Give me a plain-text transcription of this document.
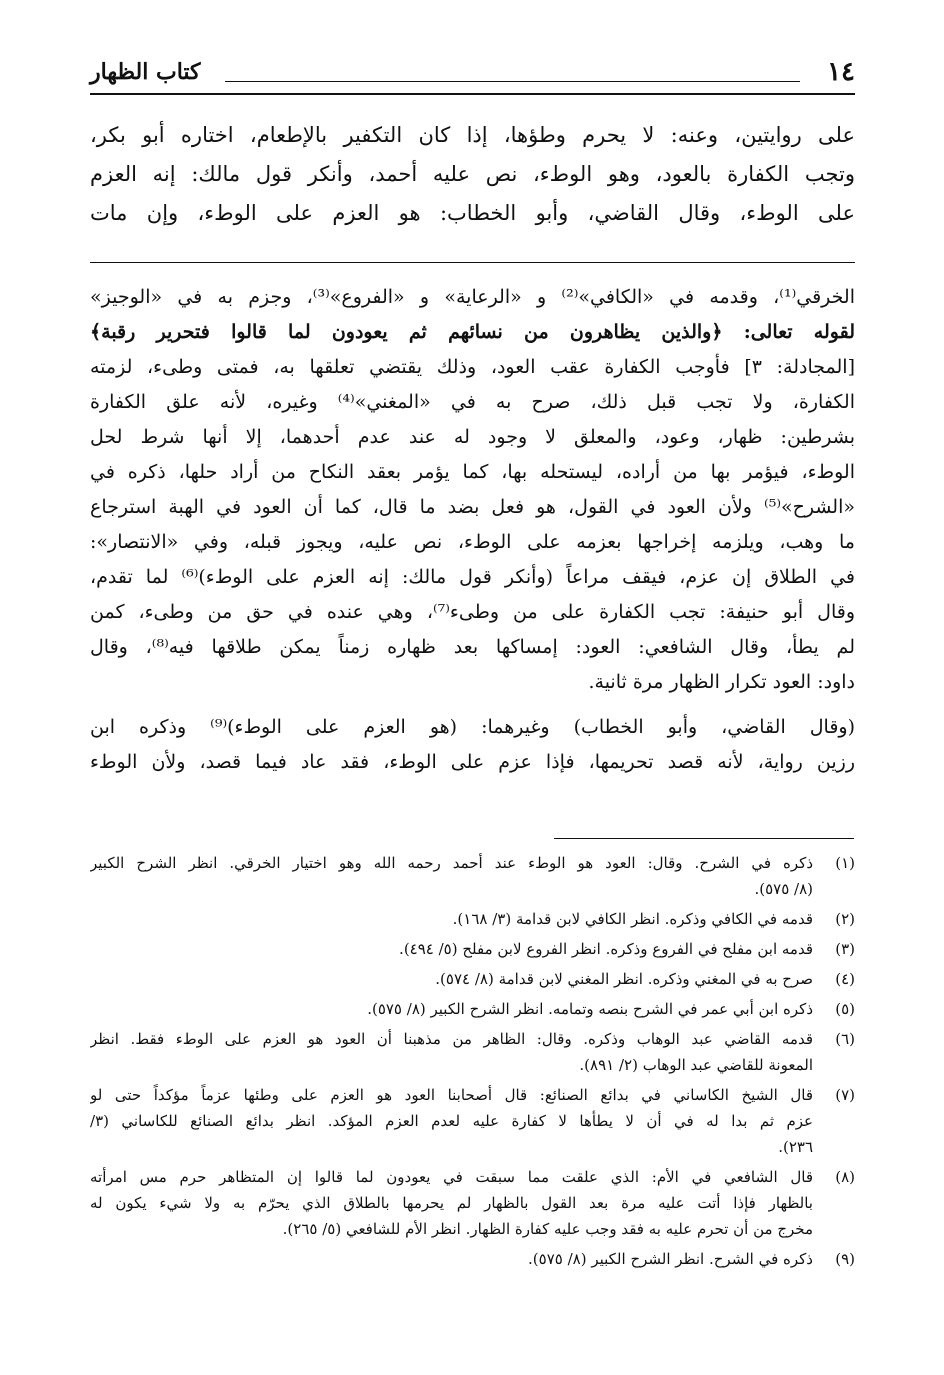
١٤
كتاب الظهار
على روايتين، وعنه: لا يحرم وطؤها، إذا كان التكفير بالإطعام، اختاره أبو بكر،
وتجب الكفارة بالعود، وهو الوطء، نص عليه أحمد، وأنكر قول مالك: إنه العزم
على الوطء، وقال القاضي، وأبو الخطاب: هو العزم على الوطء، وإن مات
الخرقي⁽¹⁾، وقدمه في «الكافي»⁽²⁾ و «الرعاية» و «الفروع»⁽³⁾، وجزم به في «الوجيز»
لقوله تعالى: ﴿والذين يظاهرون من نسائهم ثم يعودون لما قالوا فتحرير رقبة﴾
[المجادلة: ٣] فأوجب الكفارة عقب العود، وذلك يقتضي تعلقها به، فمتى وطىء، لزمته
الكفارة، ولا تجب قبل ذلك، صرح به في «المغني»⁽⁴⁾ وغيره، لأنه علق الكفارة
بشرطين: ظهار، وعود، والمعلق لا وجود له عند عدم أحدهما، إلا أنها شرط لحل
الوطء، فيؤمر بها من أراده، ليستحله بها، كما يؤمر بعقد النكاح من أراد حلها، ذكره في
«الشرح»⁽⁵⁾ ولأن العود في القول، هو فعل بضد ما قال، كما أن العود في الهبة استرجاع
ما وهب، ويلزمه إخراجها بعزمه على الوطء، نص عليه، ويجوز قبله، وفي «الانتصار»:
في الطلاق إن عزم، فيقف مراعاً (وأنكر قول مالك: إنه العزم على الوطء)⁽⁶⁾ لما تقدم،
وقال أبو حنيفة: تجب الكفارة على من وطىء⁽⁷⁾، وهي عنده في حق من وطىء، كمن
لم يطأ، وقال الشافعي: العود: إمساكها بعد ظهاره زمناً يمكن طلاقها فيه⁽⁸⁾، وقال
داود: العود تكرار الظهار مرة ثانية.
(وقال القاضي، وأبو الخطاب) وغيرهما: (هو العزم على الوطء)⁽⁹⁾ وذكره ابن
رزين رواية، لأنه قصد تحريمها، فإذا عزم على الوطء، فقد عاد فيما قصد، ولأن الوطء
(١)
ذكره في الشرح. وقال: العود هو الوطء عند أحمد رحمه الله وهو اختيار الخرقي. انظر الشرح الكبير
(٨/ ٥٧٥).
(٢)
قدمه في الكافي وذكره. انظر الكافي لابن قدامة (٣/ ١٦٨).
(٣)
قدمه ابن مفلح في الفروع وذكره. انظر الفروع لابن مفلح (٥/ ٤٩٤).
(٤)
صرح به في المغني وذكره. انظر المغني لابن قدامة (٨/ ٥٧٤).
(٥)
ذكره ابن أبي عمر في الشرح بنصه وتمامه. انظر الشرح الكبير (٨/ ٥٧٥).
(٦)
قدمه القاضي عبد الوهاب وذكره. وقال: الظاهر من مذهبنا أن العود هو العزم على الوطء فقط. انظر
المعونة للقاضي عبد الوهاب (٢/ ٨٩١).
(٧)
قال الشيخ الكاساني في بدائع الصنائع: قال أصحابنا العود هو العزم على وطئها عزماً مؤكداً حتى لو
عزم ثم بدا له في أن لا يطأها لا كفارة عليه لعدم العزم المؤكد. انظر بدائع الصنائع للكاساني (٣/
٢٣٦).
(٨)
قال الشافعي في الأم: الذي علقت مما سبقت في يعودون لما قالوا إن المتظاهر حرم مس امرأته
بالظهار فإذا أتت عليه مرة بعد القول بالظهار لم يحرمها بالطلاق الذي يحرّم به ولا شيء يكون له
مخرج من أن تحرم عليه به فقد وجب عليه كفارة الظهار. انظر الأم للشافعي (٥/ ٢٦٥).
(٩)
ذكره في الشرح. انظر الشرح الكبير (٨/ ٥٧٥).
